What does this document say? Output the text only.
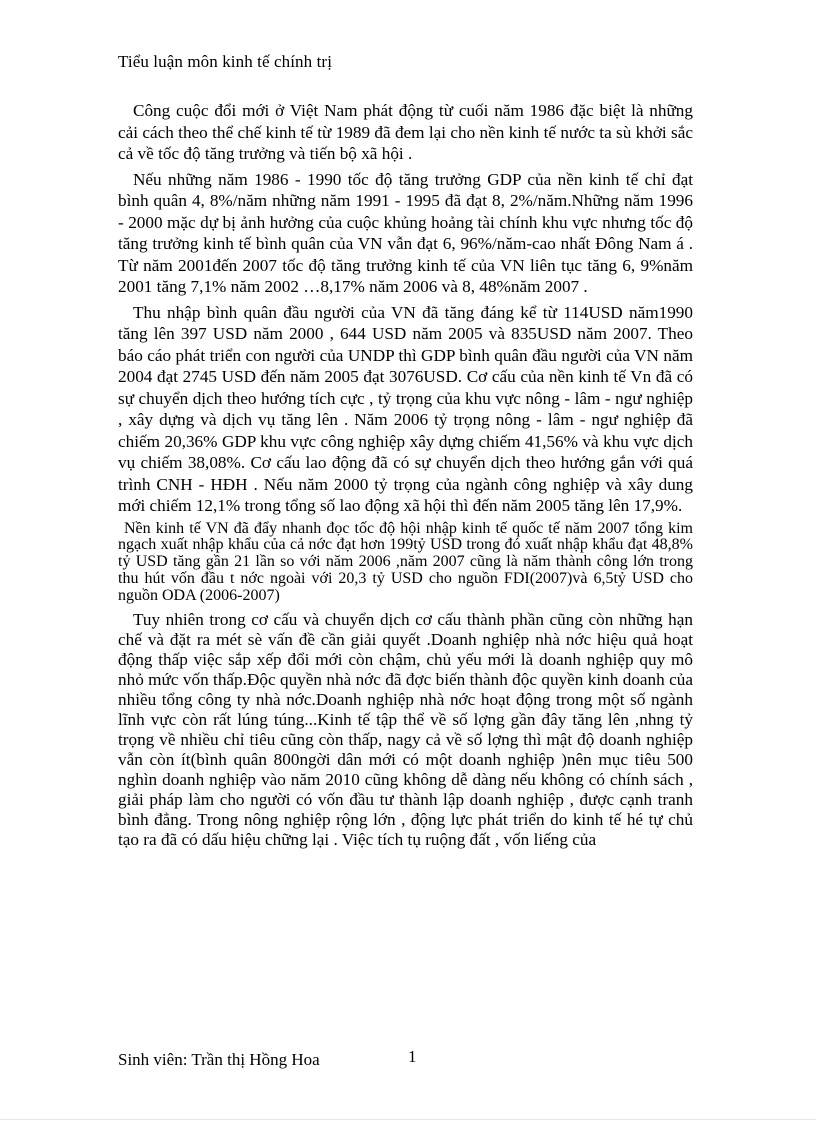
Tiểu luận môn kinh tế chính trị

Công cuộc đổi mới ở Việt Nam phát động từ cuối năm 1986 đặc biệt là những cải cách theo thể chế kinh tế từ 1989 đã đem lại cho nền kinh tế nước ta sù khởi sắc cả về tốc độ tăng trưởng và tiến bộ xã hội .

Nếu những năm 1986 - 1990 tốc độ tăng trưởng GDP của nền kinh tế chỉ đạt bình quân 4, 8%/năm những năm 1991 - 1995 đã đạt 8, 2%/năm.Những năm 1996 - 2000 mặc dự bị ảnh hưởng của cuộc khủng hoảng tài chính khu vực nhưng tốc độ tăng trưởng kinh tế bình quân của VN vẫn đạt 6, 96%/năm-cao nhất Đông Nam á . Từ năm 2001đến 2007 tốc độ tăng trưởng kinh tế của VN liên tục tăng 6, 9%năm 2001 tăng 7,1% năm 2002 …8,17% năm 2006 và 8, 48%năm 2007 .

Thu nhập bình quân đầu người của VN đã tăng đáng kể từ 114USD năm1990 tăng lên 397 USD năm 2000 , 644 USD năm 2005 và 835USD năm 2007. Theo báo cáo phát triển con người của UNDP thì GDP bình quân đầu người của VN năm 2004 đạt 2745 USD đến năm 2005 đạt 3076USD. Cơ cấu của nền kinh tế Vn đã có sự chuyển dịch theo hướng tích cực , tỷ trọng của khu vực nông - lâm - ngư nghiệp , xây dựng và dịch vụ tăng lên . Năm 2006 tỷ trọng nông - lâm - ngư nghiệp đã chiếm 20,36% GDP khu vực công nghiệp xây dựng chiếm 41,56% và khu vực dịch vụ chiếm 38,08%. Cơ cấu lao động đã có sự chuyển dịch theo hướng gắn với quá trình CNH - HĐH . Nếu năm 2000 tỷ trọng của ngành công nghiệp và xây dung mới chiếm 12,1% trong tổng số lao động xã hội thì đến năm 2005 tăng lên 17,9%.

Nền kinh tế VN đã đẩy nhanh đọc tốc độ hội nhập kinh tế quốc tế năm 2007 tổng kim ngạch xuất nhập khẩu của cả nớc đạt hơn 199tỷ USD trong đó xuất nhập khẩu đạt 48,8% tỷ USD tăng gần 21 lần so với năm 2006 ,năm 2007 cũng là năm thành công lớn trong thu hút vốn đầu t nớc ngoài với 20,3 tỷ USD cho nguồn FDI(2007)và 6,5tỷ USD cho nguồn ODA (2006-2007)

Tuy nhiên trong cơ cấu và chuyển dịch cơ cấu thành phần cũng còn những hạn chế và đặt ra mét sè vấn đề cần giải quyết .Doanh nghiệp nhà nớc hiệu quả hoạt động thấp việc sắp xếp đổi mới còn chậm, chủ yếu mới là doanh nghiệp quy mô nhỏ mức vốn thấp.Độc quyền nhà nớc đã đợc biến thành độc quyền kinh doanh của nhiều tổng công ty nhà nớc.Doanh nghiệp nhà nớc hoạt động trong một số ngành lĩnh vực còn rất lúng túng...Kinh tế tập thể về số lợng gần đây tăng lên ,nhng tỷ trọng về nhiều chỉ tiêu cũng còn thấp, nagy cả về số lợng thì mật độ doanh nghiệp vẫn còn ít(bình quân 800ngời dân mới có một doanh nghiệp )nên mục tiêu 500 nghìn doanh nghiệp vào năm 2010 cũng không dễ dàng nếu không có chính sách , giải pháp làm cho người có vốn đầu tư thành lập doanh nghiệp , được cạnh tranh bình đẳng. Trong nông nghiệp rộng lớn , động lực phát triển do kinh tế hé tự chủ tạo ra đã có dấu hiệu chững lại . Việc tích tụ ruộng đất , vốn liếng của

Sinh viên: Trần thị Hồng Hoa	1
